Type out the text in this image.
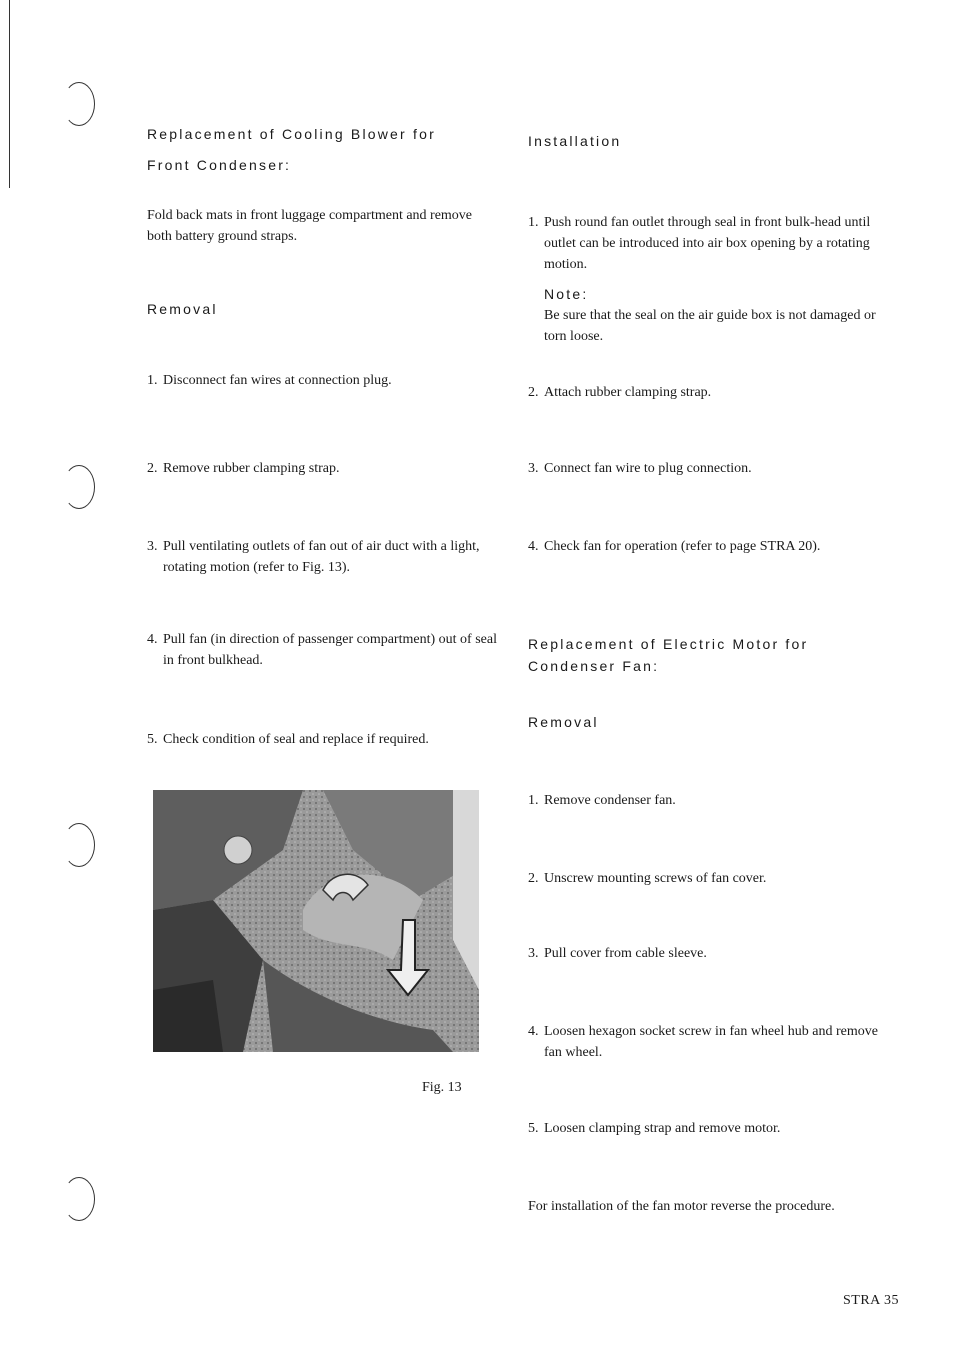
Replacement of Cooling Blower for
Front Condenser:
Fold back mats in front luggage compartment and remove both battery ground straps.
Removal
1. Disconnect fan wires at connection plug.
2. Remove rubber clamping strap.
3. Pull ventilating outlets of fan out of air duct with a light, rotating motion (refer to Fig. 13).
4. Pull fan (in direction of passenger compartment) out of seal in front bulkhead.
5. Check condition of seal and replace if required.
Fig. 13
Installation
1. Push round fan outlet through seal in front bulk-head until outlet can be introduced into air box opening by a rotating motion.
Note:
Be sure that the seal on the air guide box is not damaged or torn loose.
2. Attach rubber clamping strap.
3. Connect fan wire to plug connection.
4. Check fan for operation (refer to page STRA 20).
Replacement of Electric Motor for
Condenser Fan:
Removal
1. Remove condenser fan.
2. Unscrew mounting screws of fan cover.
3. Pull cover from cable sleeve.
4. Loosen hexagon socket screw in fan wheel hub and remove fan wheel.
5. Loosen clamping strap and remove motor.
For installation of the fan motor reverse the procedure.
STRA 35
